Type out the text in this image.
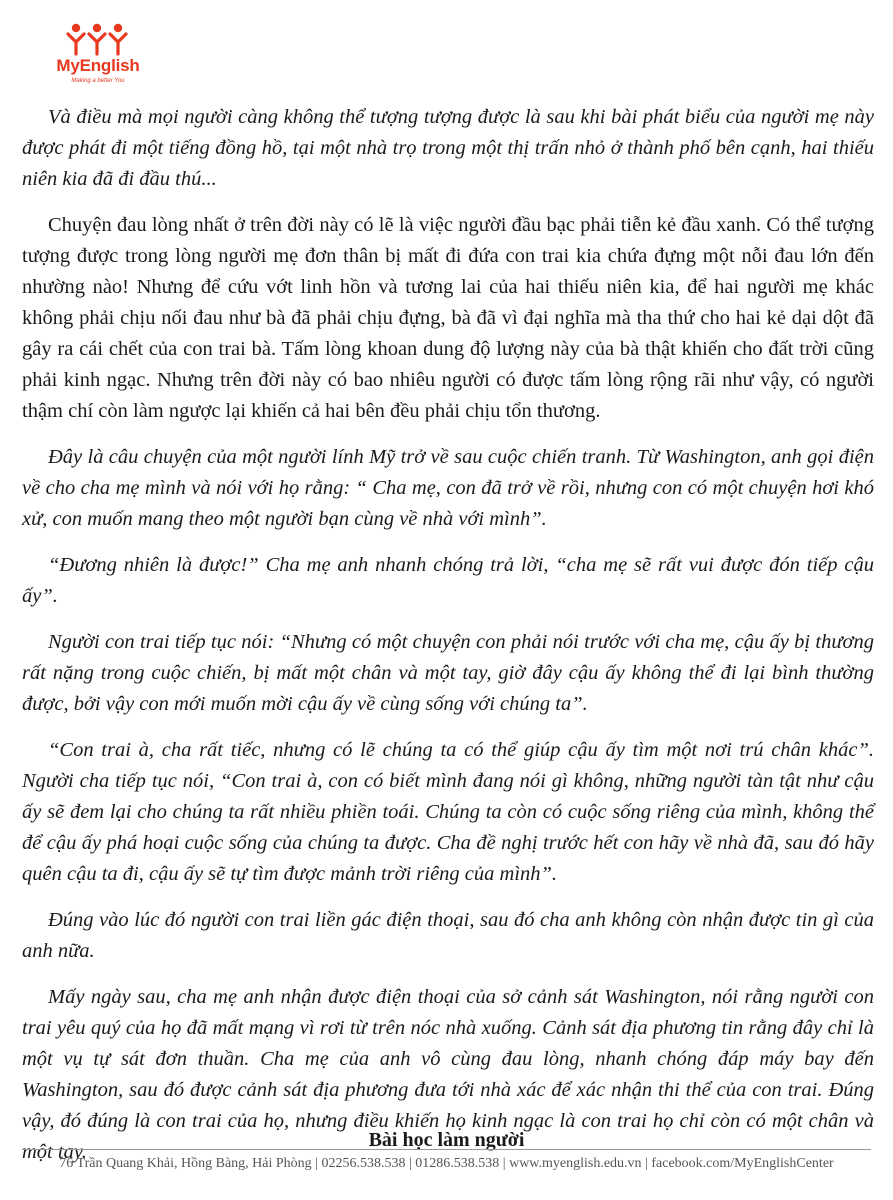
MyEnglish
Making a better You

Và điều mà mọi người càng không thể tượng tượng được là sau khi bài phát biểu của người mẹ này được phát đi một tiếng đồng hồ, tại một nhà trọ trong một thị trấn nhỏ ở thành phố bên cạnh, hai thiếu niên kia đã đi đầu thú...

Chuyện đau lòng nhất ở trên đời này có lẽ là việc người đầu bạc phải tiễn kẻ đầu xanh. Có thể tượng tượng được trong lòng người mẹ đơn thân bị mất đi đứa con trai kia chứa đựng một nỗi đau lớn đến nhường nào! Nhưng để cứu vớt linh hồn và tương lai của hai thiếu niên kia, để hai người mẹ khác không phải chịu nối đau như bà đã phải chịu đựng, bà đã vì đại nghĩa mà tha thứ cho hai kẻ dại dột đã gây ra cái chết của con trai bà. Tấm lòng khoan dung độ lượng này của bà thật khiến cho đất trời cũng phải kinh ngạc. Nhưng trên đời này có bao nhiêu người có được tấm lòng rộng rãi như vậy, có người thậm chí còn làm ngược lại khiến cả hai bên đều phải chịu tổn thương.

Đây là câu chuyện của một người lính Mỹ trở về sau cuộc chiến tranh. Từ Washington, anh gọi điện về cho cha mẹ mình và nói với họ rằng: “ Cha mẹ, con đã trở về rồi, nhưng con có một chuyện hơi khó xử, con muốn mang theo một người bạn cùng về nhà với mình”.

“Đương nhiên là được!” Cha mẹ anh nhanh chóng trả lời, “cha mẹ sẽ rất vui được đón tiếp cậu ấy”.

Người con trai tiếp tục nói: “Nhưng có một chuyện con phải nói trước với cha mẹ, cậu ấy bị thương rất nặng trong cuộc chiến, bị mất một chân và một tay, giờ đây cậu ấy không thể đi lại bình thường được, bởi vậy con mới muốn mời cậu ấy về cùng sống với chúng ta”.

“Con trai à, cha rất tiếc, nhưng có lẽ chúng ta có thể giúp cậu ấy tìm một nơi trú chân khác”. Người cha tiếp tục nói, “Con trai à, con có biết mình đang nói gì không, những người tàn tật như cậu ấy sẽ đem lại cho chúng ta rất nhiều phiền toái. Chúng ta còn có cuộc sống riêng của mình, không thể để cậu ấy phá hoại cuộc sống của chúng ta được. Cha đề nghị trước hết con hãy về nhà đã, sau đó hãy quên cậu ta đi, cậu ấy sẽ tự tìm được mảnh trời riêng của mình”.

Đúng vào lúc đó người con trai liền gác điện thoại, sau đó cha anh không còn nhận được tin gì của anh nữa.

Mấy ngày sau, cha mẹ anh nhận được điện thoại của sở cảnh sát Washington, nói rằng người con trai yêu quý của họ đã mất mạng vì rơi từ trên nóc nhà xuống. Cảnh sát địa phương tin rằng đây chỉ là một vụ tự sát đơn thuần. Cha mẹ của anh vô cùng đau lòng, nhanh chóng đáp máy bay đến Washington, sau đó được cảnh sát địa phương đưa tới nhà xác để xác nhận thi thể của con trai. Đúng vậy, đó đúng là con trai của họ, nhưng điều khiến họ kinh ngạc là con trai họ chỉ còn có một chân và một tay.

Bài học làm người
76 Trần Quang Khải, Hồng Bàng, Hải Phòng | 02256.538.538 | 01286.538.538 | www.myenglish.edu.vn | facebook.com/MyEnglishCenter
